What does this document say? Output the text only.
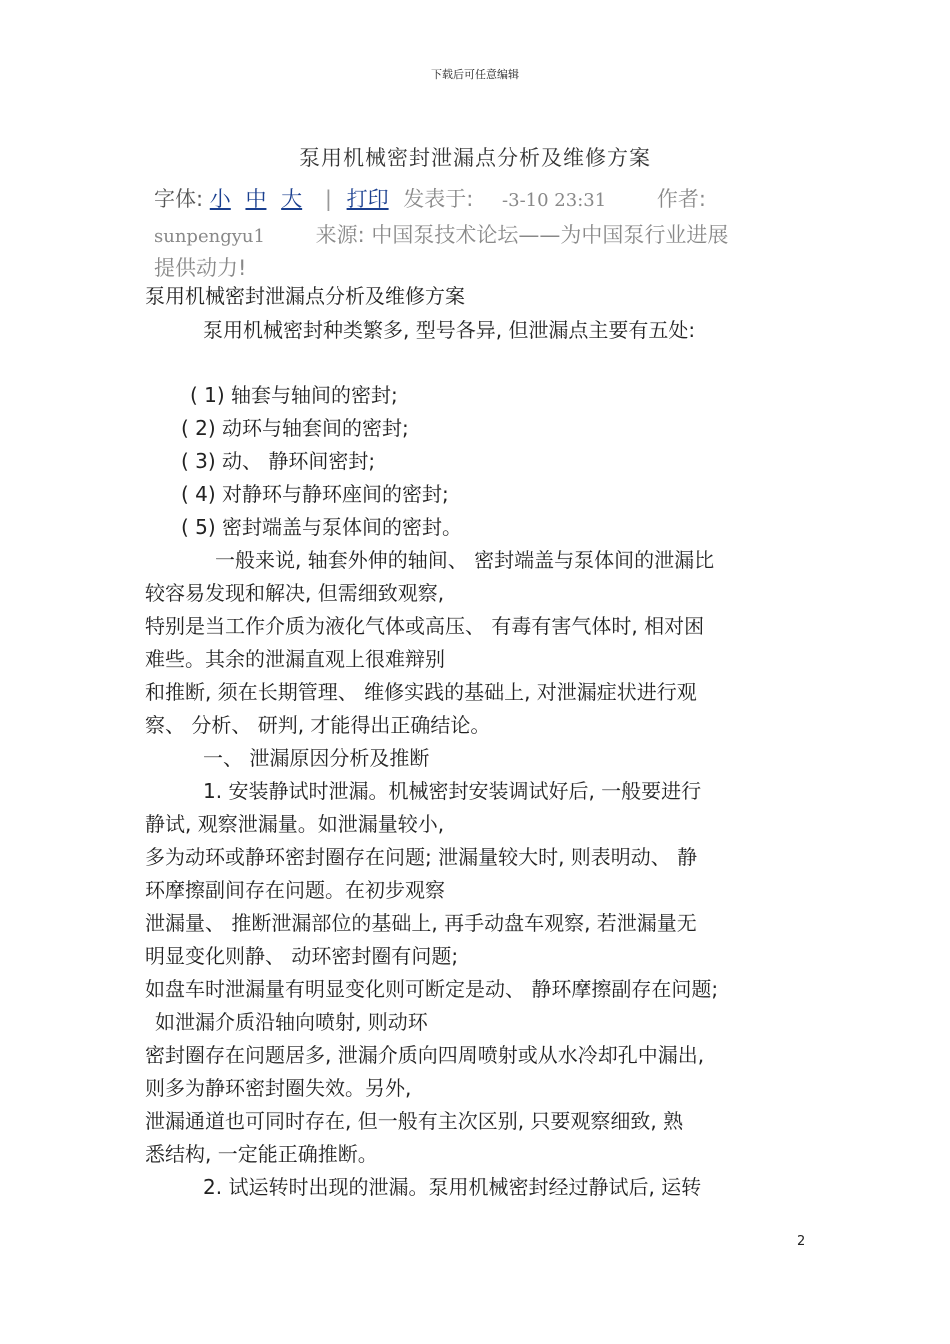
下载后可任意编辑
泵用机械密封泄漏点分析及维修方案
字体: 小 中 大 | 打印 发表于: -3-10 23:31 作者:
sunpengyu1 来源: 中国泵技术论坛——为中国泵行业进展
提供动力!
泵用机械密封泄漏点分析及维修方案
泵用机械密封种类繁多, 型号各异, 但泄漏点主要有五处:
( 1) 轴套与轴间的密封;
( 2) 动环与轴套间的密封;
( 3) 动、 静环间密封;
( 4) 对静环与静环座间的密封;
( 5) 密封端盖与泵体间的密封。
一般来说, 轴套外伸的轴间、 密封端盖与泵体间的泄漏比
较容易发现和解决, 但需细致观察,
特别是当工作介质为液化气体或高压、 有毒有害气体时, 相对困
难些。其余的泄漏直观上很难辩别
和推断, 须在长期管理、 维修实践的基础上, 对泄漏症状进行观
察、 分析、 研判, 才能得出正确结论。
一、 泄漏原因分析及推断
1. 安装静试时泄漏。机械密封安装调试好后, 一般要进行
静试, 观察泄漏量。如泄漏量较小,
多为动环或静环密封圈存在问题; 泄漏量较大时, 则表明动、 静
环摩擦副间存在问题。在初步观察
泄漏量、 推断泄漏部位的基础上, 再手动盘车观察, 若泄漏量无
明显变化则静、 动环密封圈有问题;
如盘车时泄漏量有明显变化则可断定是动、 静环摩擦副存在问题;
如泄漏介质沿轴向喷射, 则动环
密封圈存在问题居多, 泄漏介质向四周喷射或从水冷却孔中漏出,
则多为静环密封圈失效。另外,
泄漏通道也可同时存在, 但一般有主次区别, 只要观察细致, 熟
悉结构, 一定能正确推断。
2. 试运转时出现的泄漏。泵用机械密封经过静试后, 运转
2
